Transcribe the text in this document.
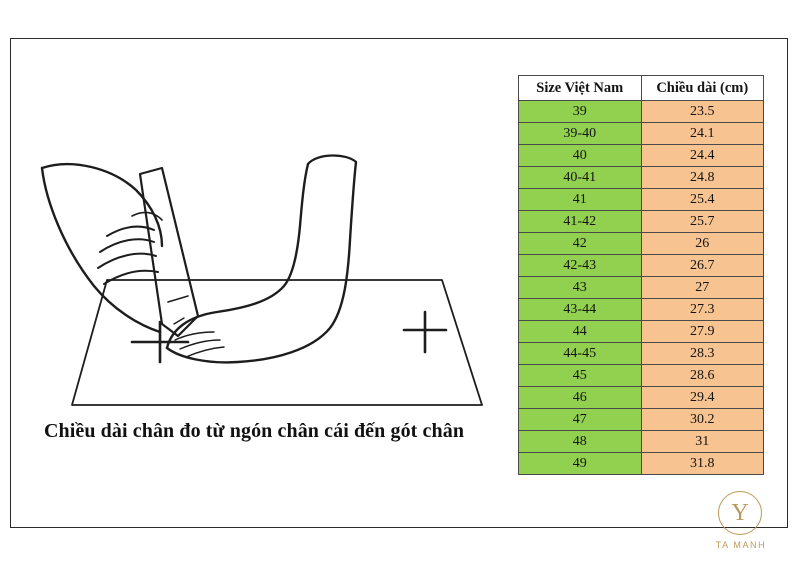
Chiều dài chân đo từ ngón chân cái đến gót chân
Size Việt Nam	Chiều dài (cm)
39	23.5
39-40	24.1
40	24.4
40-41	24.8
41	25.4
41-42	25.7
42	26
42-43	26.7
43	27
43-44	27.3
44	27.9
44-45	28.3
45	28.6
46	29.4
47	30.2
48	31
49	31.8
Y
TA MANH
